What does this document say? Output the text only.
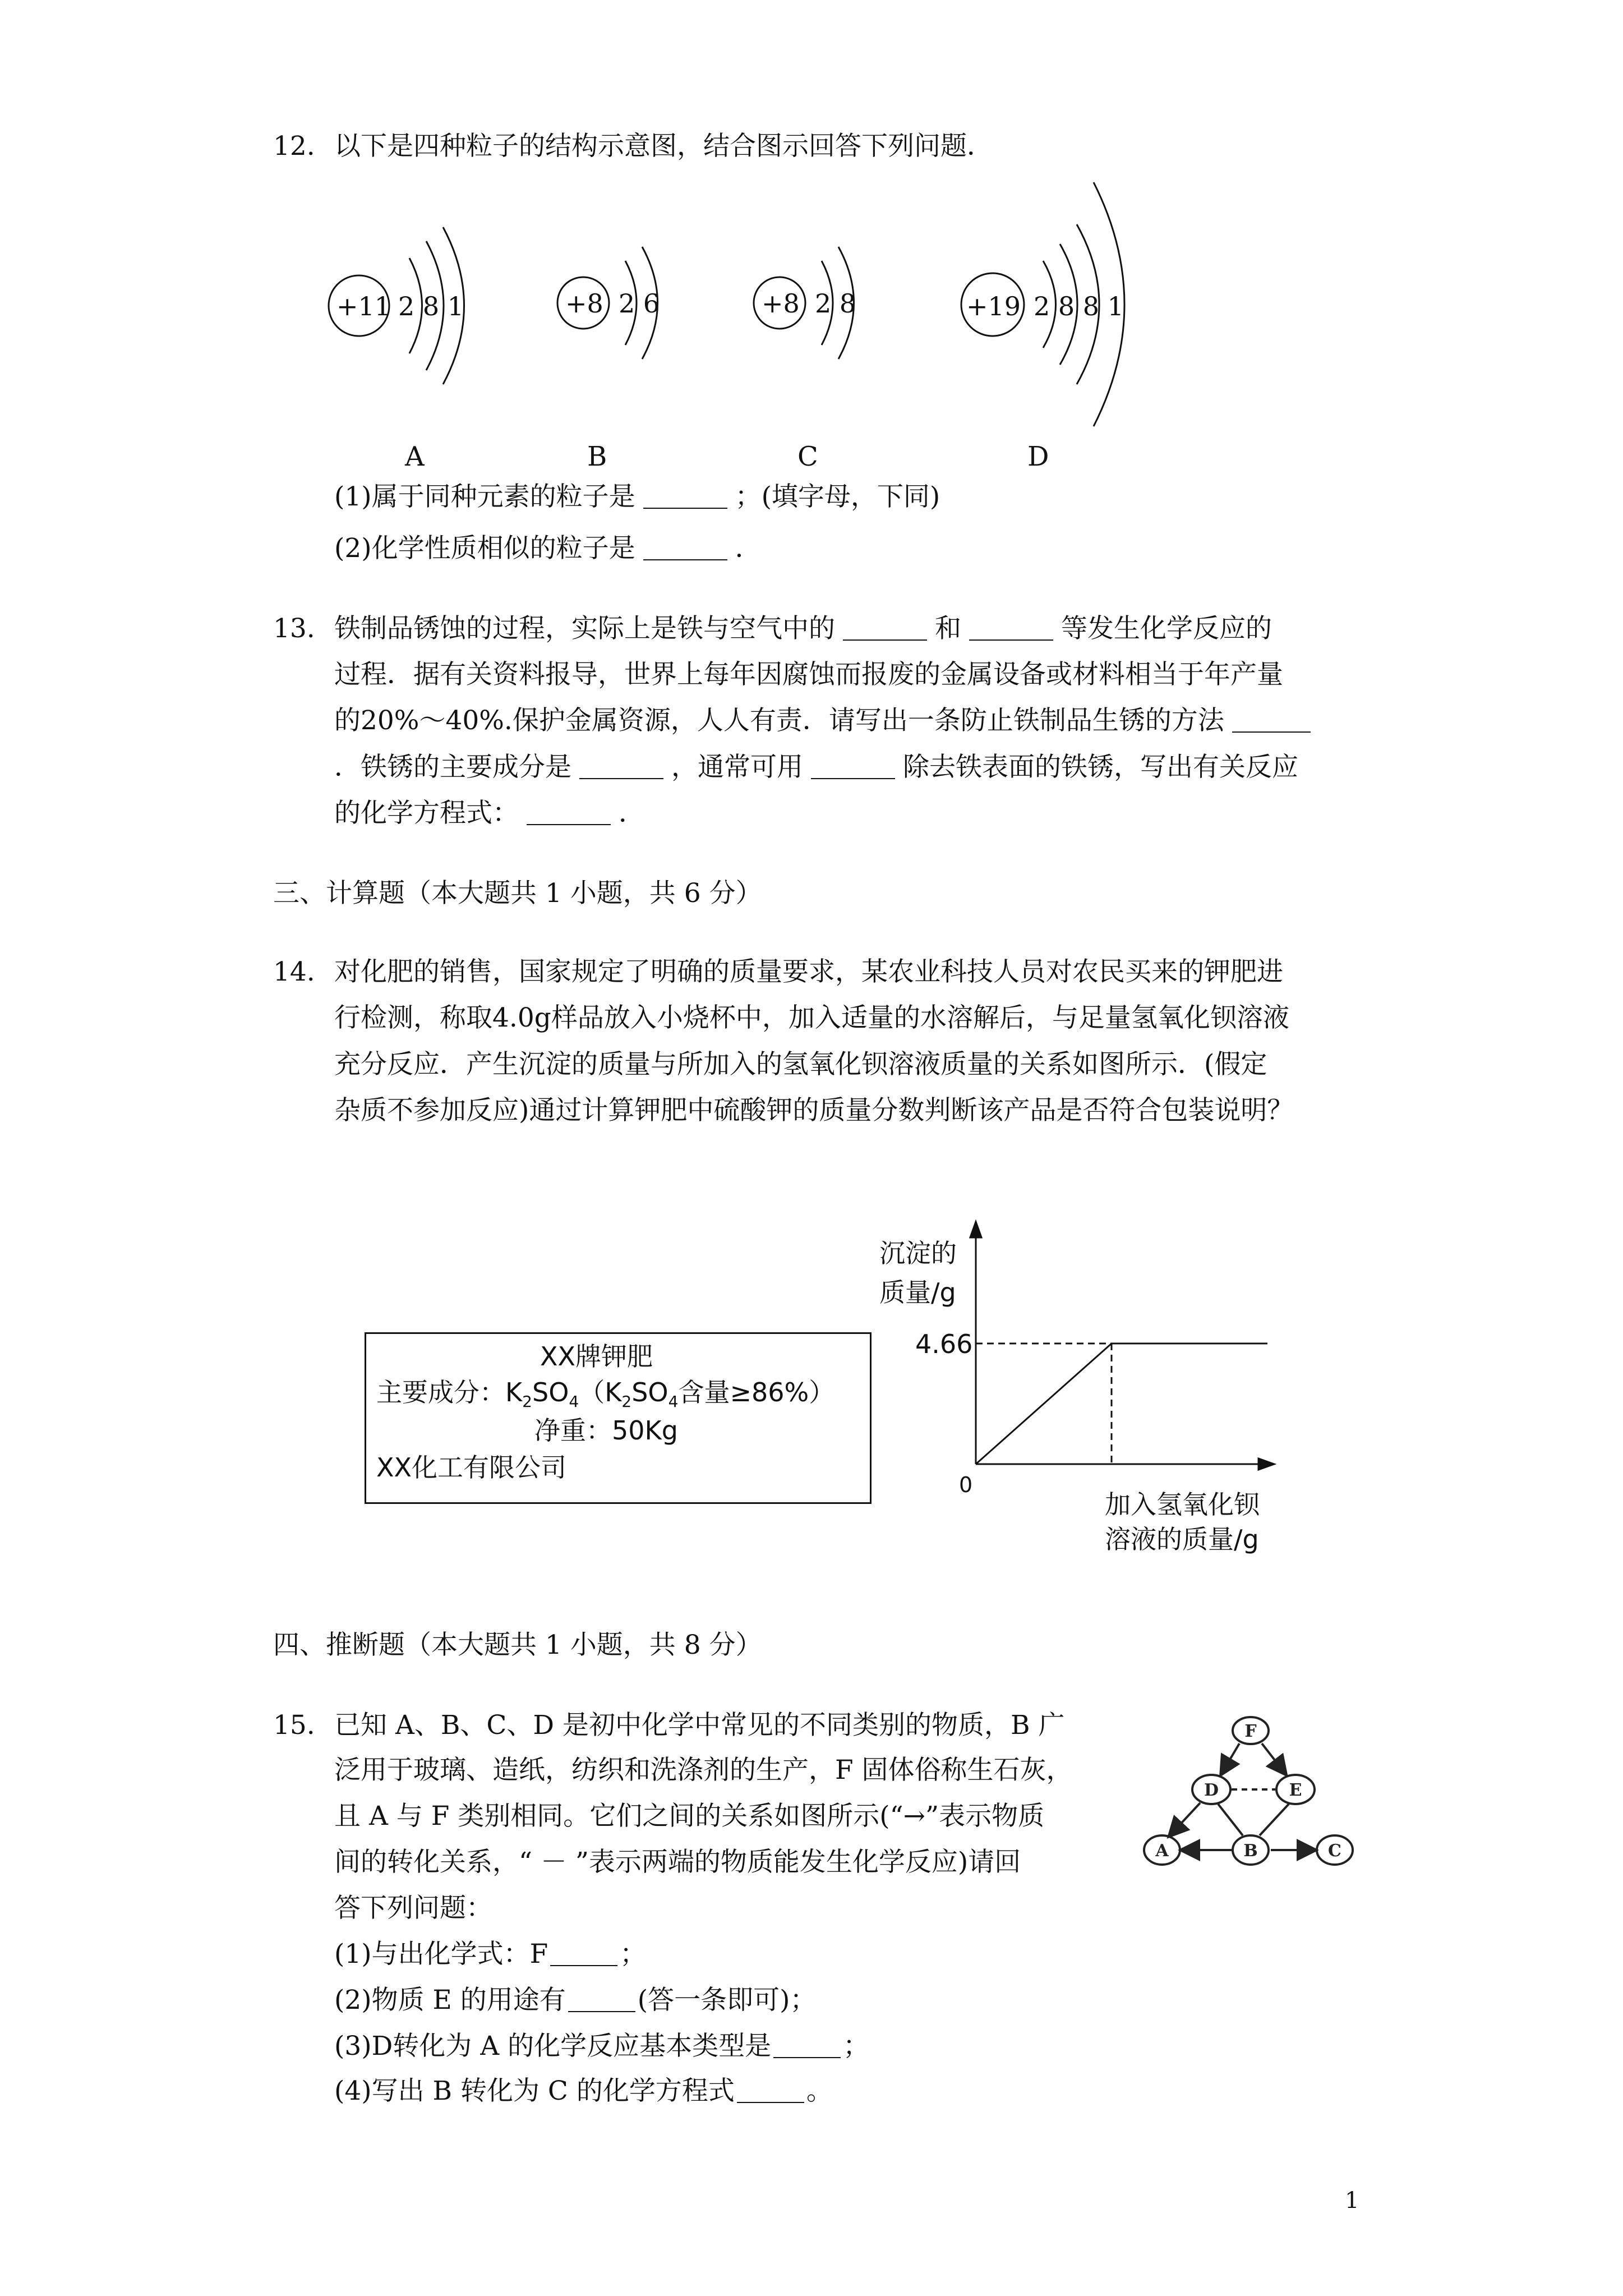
12. 以下是四种粒子的结构示意图，结合图示回答下列问题．
+11 2 8 1	+8 2 6	+8 2 8	+19 2 8 8 1
A	B	C	D
(1)属于同种元素的粒子是	；(填字母，下同)
(2)化学性质相似的粒子是	．
13. 铁制品锈蚀的过程，实际上是铁与空气中的	和	等发生化学反应的
过程．据有关资料报导，世界上每年因腐蚀而报废的金属设备或材料相当于年产量
的20%～40%.保护金属资源，人人有责．请写出一条防止铁制品生锈的方法
．铁锈的主要成分是	，通常可用	除去铁表面的铁锈，写出有关反应
的化学方程式：	．
三、计算题（本大题共 1 小题，共 6 分）
14. 对化肥的销售，国家规定了明确的质量要求，某农业科技人员对农民买来的钾肥进
行检测，称取4.0g样品放入小烧杯中，加入适量的水溶解后，与足量氢氧化钡溶液
充分反应．产生沉淀的质量与所加入的氢氧化钡溶液质量的关系如图所示．(假定
杂质不参加反应)通过计算钾肥中硫酸钾的质量分数判断该产品是否符合包装说明？
XX牌钾肥
主要成分：$K_2SO_4(K_2SO_4$含量≥86%）
净重：50Kg
XX化工有限公司
沉淀的
质量/g
4.66
0
加入氢氧化钡
溶液的质量/g
四、推断题（本大题共 1 小题，共 8 分）
15. 已知 A、B、C、D 是初中化学中常见的不同类别的物质，B 广
泛用于玻璃、造纸，纺织和洗涤剂的生产，F 固体俗称生石灰，
且 A 与 F 类别相同。它们之间的关系如图所示(“→”表示物质
间的转化关系，“ － ”表示两端的物质能发生化学反应)请回
答下列问题：
(1)与出化学式：F	；
(2)物质 E 的用途有	(答一条即可)；
(3)D转化为 A 的化学反应基本类型是	；
(4)写出 B 转化为 C 的化学方程式	。
F
D	E
A	B	C
1
